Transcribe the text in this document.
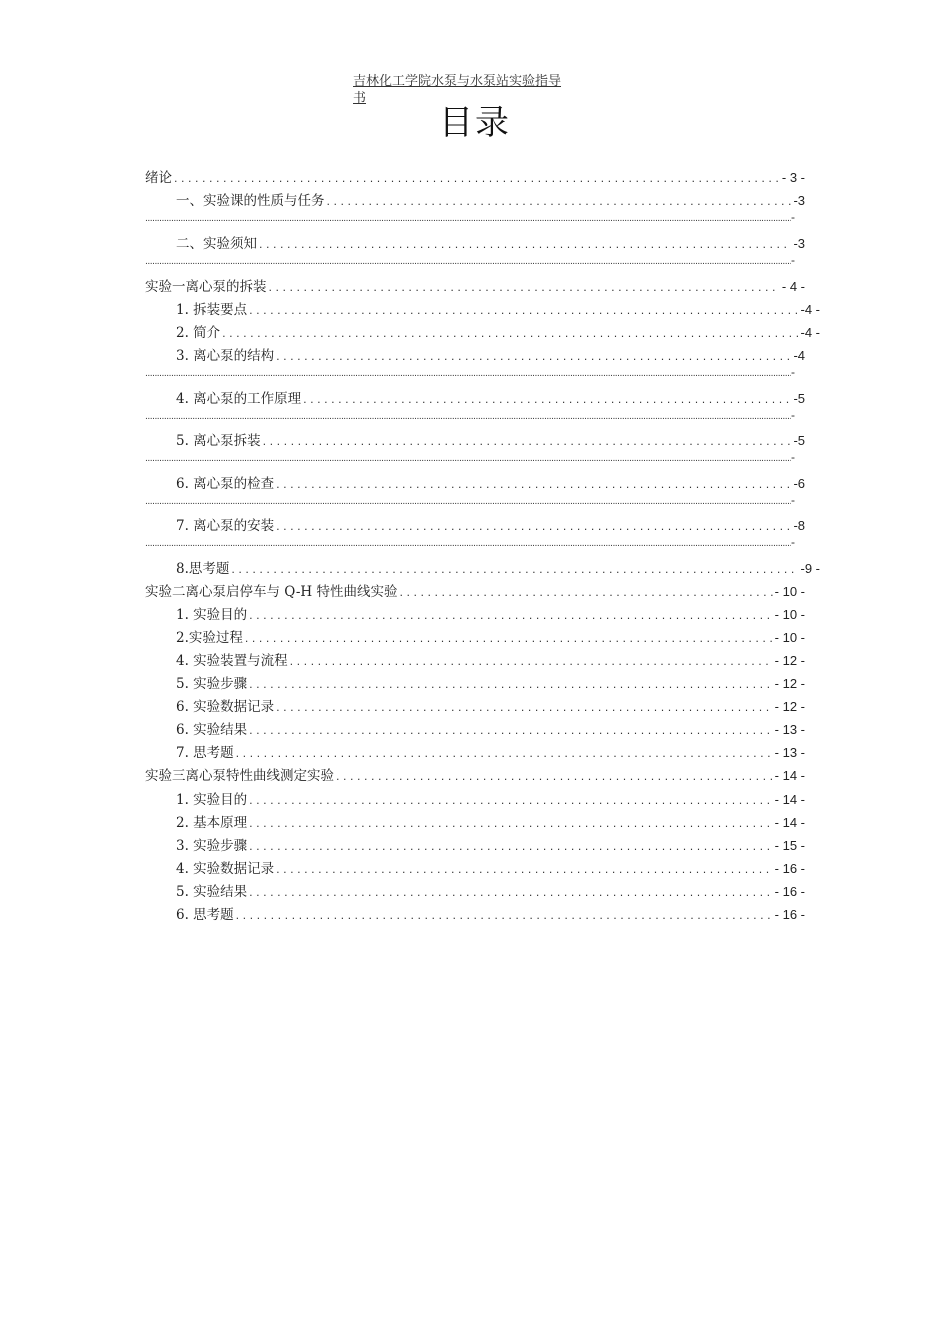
吉林化工学院水泵与水泵站实验指导
书
目录
绪论 . . .	- 3 -
一、实验课的性质与任务 . . .	-3
.....-
二、实验须知 . . .	-3
.....-
实验一离心泵的拆装 . . .	- 4 -
1. 拆装要点 . . .	-4 -
2. 简介 . . .	-4 -
3. 离心泵的结构 . . .	-4
.....-
4. 离心泵的工作原理 . . .	-5
.....-
5. 离心泵拆装 . . .	-5
.....-
6. 离心泵的检查 . . .	-6
.....-
7. 离心泵的安装 . . .	-8
.....-
8.思考题 . . .	-9 -
实验二离心泵启停车与 Q-H 特性曲线实验 . . .	- 10 -
1. 实验目的 . . .	- 10 -
2.实验过程 . . .	- 10 -
4. 实验装置与流程 . . .	- 12 -
5. 实验步骤 . . .	- 12 -
6. 实验数据记录 . . .	- 12 -
6. 实验结果 . . .	- 13 -
7. 思考题 . . .	- 13 -
实验三离心泵特性曲线测定实验 . . .	- 14 -
1. 实验目的 . . .	- 14 -
2. 基本原理 . . .	- 14 -
3. 实验步骤 . . .	- 15 -
4. 实验数据记录 . . .	- 16 -
5. 实验结果 . . .	- 16 -
6. 思考题 . . .	- 16 -
